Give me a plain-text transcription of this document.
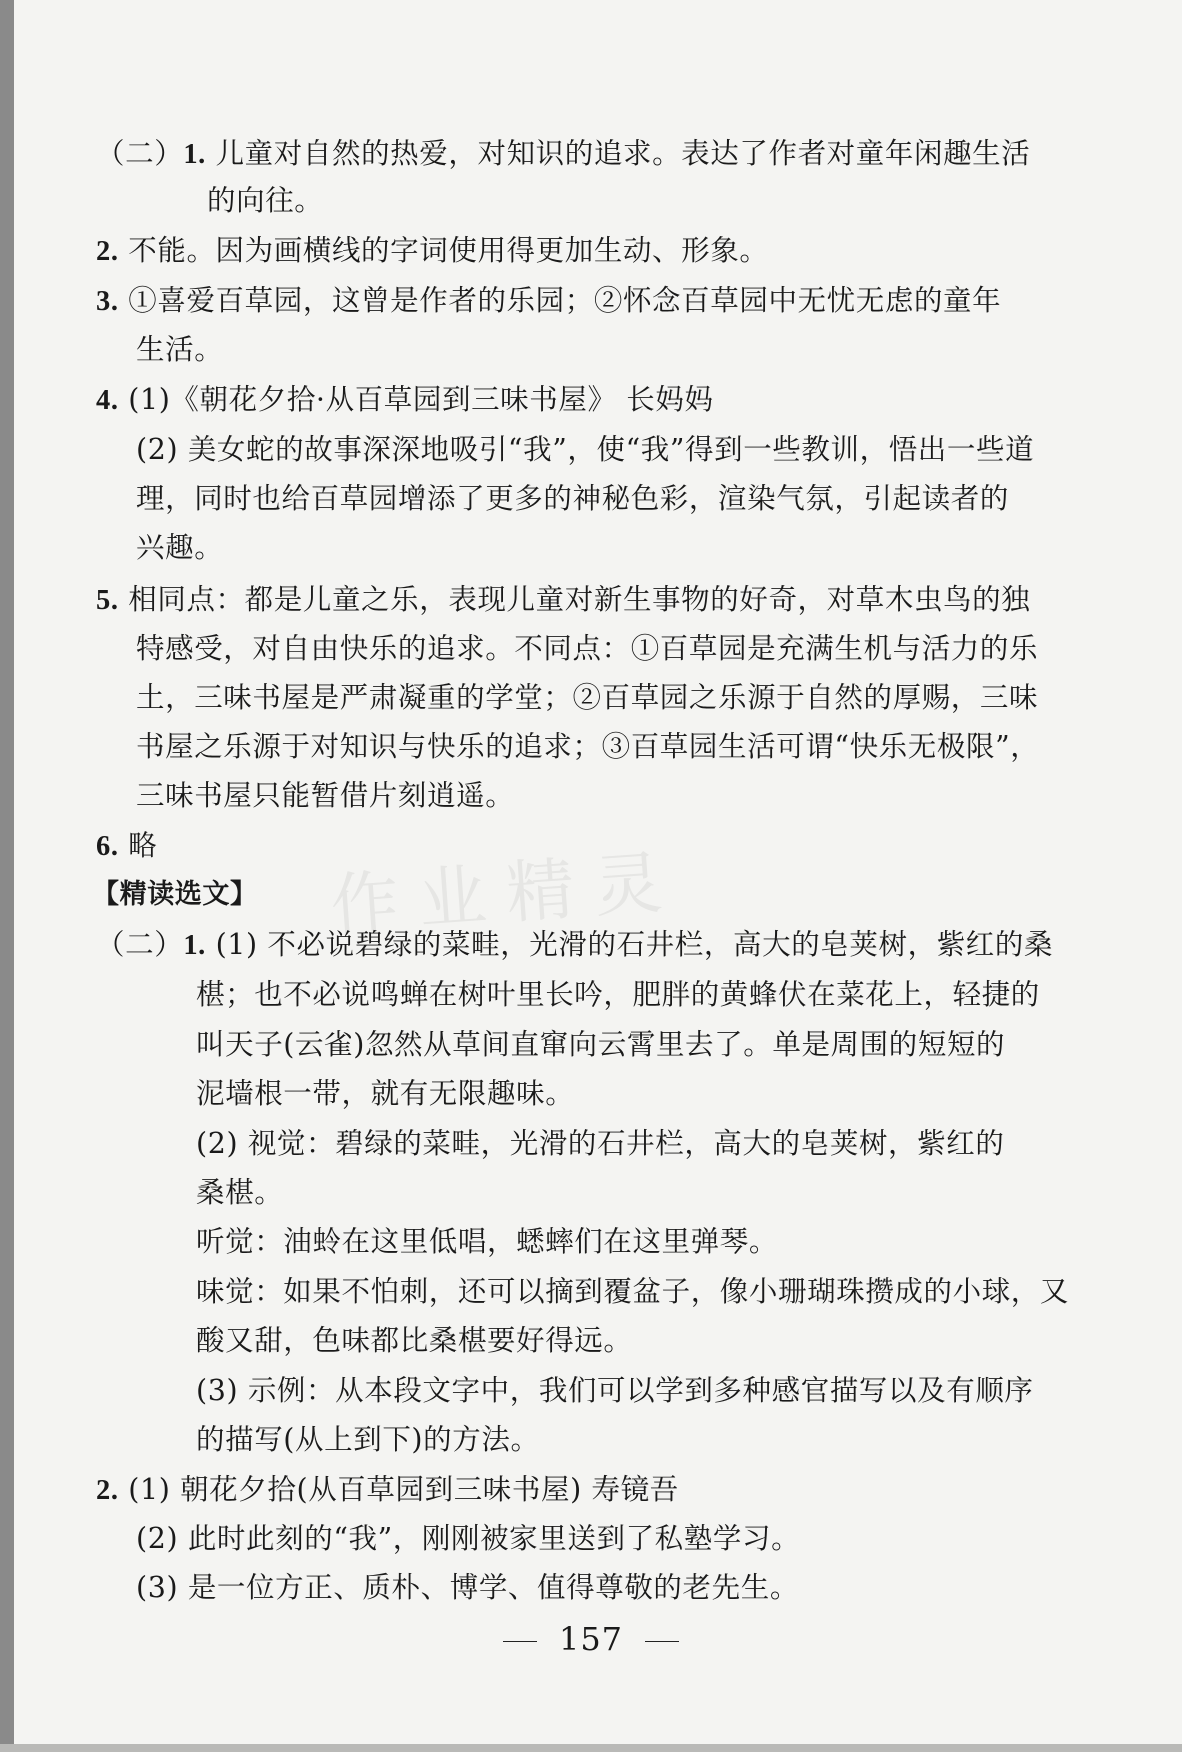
作业精灵
（二）1. 儿童对自然的热爱，对知识的追求。表达了作者对童年闲趣生活
的向往。
2. 不能。因为画横线的字词使用得更加生动、形象。
3. ①喜爱百草园，这曾是作者的乐园；②怀念百草园中无忧无虑的童年
生活。
4. (1)《朝花夕拾·从百草园到三味书屋》 长妈妈
(2) 美女蛇的故事深深地吸引“我”，使“我”得到一些教训，悟出一些道
理，同时也给百草园增添了更多的神秘色彩，渲染气氛，引起读者的
兴趣。
5. 相同点：都是儿童之乐，表现儿童对新生事物的好奇，对草木虫鸟的独
特感受，对自由快乐的追求。不同点：①百草园是充满生机与活力的乐
土，三味书屋是严肃凝重的学堂；②百草园之乐源于自然的厚赐，三味
书屋之乐源于对知识与快乐的追求；③百草园生活可谓“快乐无极限”，
三味书屋只能暂借片刻逍遥。
6. 略
【精读选文】
（二）1. (1) 不必说碧绿的菜畦，光滑的石井栏，高大的皂荚树，紫红的桑
椹；也不必说鸣蝉在树叶里长吟，肥胖的黄蜂伏在菜花上，轻捷的
叫天子(云雀)忽然从草间直窜向云霄里去了。单是周围的短短的
泥墙根一带，就有无限趣味。
(2) 视觉：碧绿的菜畦，光滑的石井栏，高大的皂荚树，紫红的
桑椹。
听觉：油蛉在这里低唱，蟋蟀们在这里弹琴。
味觉：如果不怕刺，还可以摘到覆盆子，像小珊瑚珠攒成的小球，又
酸又甜，色味都比桑椹要好得远。
(3) 示例：从本段文字中，我们可以学到多种感官描写以及有顺序
的描写(从上到下)的方法。
2. (1) 朝花夕拾(从百草园到三味书屋) 寿镜吾
(2) 此时此刻的“我”，刚刚被家里送到了私塾学习。
(3) 是一位方正、质朴、博学、值得尊敬的老先生。
157
